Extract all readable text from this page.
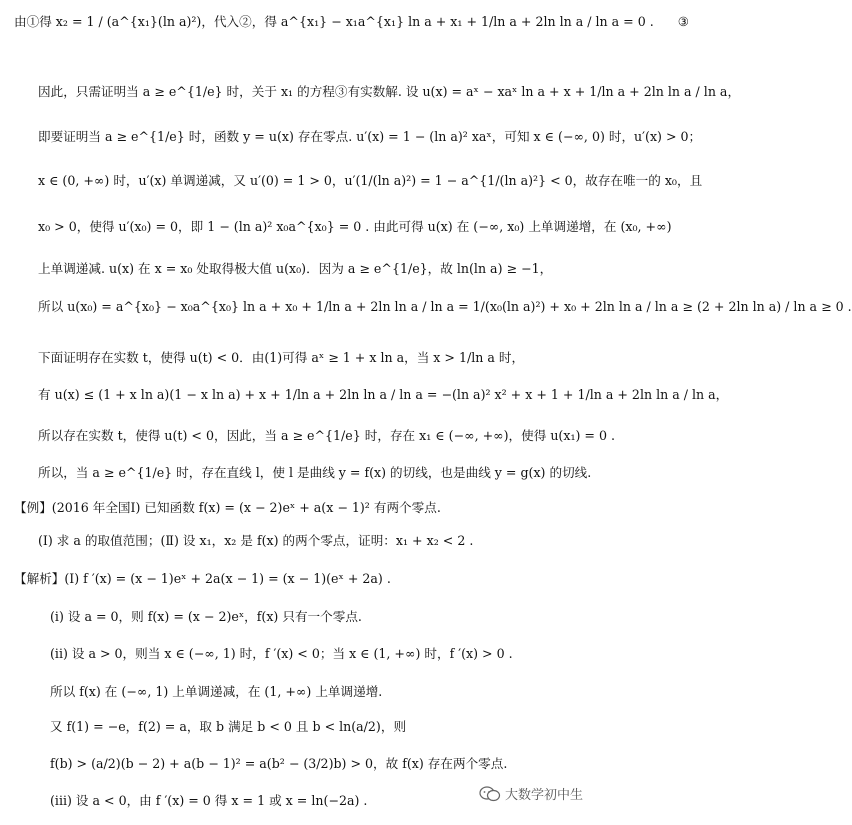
由①得 x₂ = 1 / (a^{x₁}(ln a)²)，代入②，得 a^{x₁} − x₁a^{x₁} ln a + x₁ + 1/ln a + 2ln ln a / ln a = 0 . ③
因此，只需证明当 a ≥ e^{1/e} 时，关于 x₁ 的方程③有实数解. 设 u(x) = aˣ − xaˣ ln a + x + 1/ln a + 2ln ln a / ln a，
即要证明当 a ≥ e^{1/e} 时，函数 y = u(x) 存在零点. u′(x) = 1 − (ln a)² xaˣ，可知 x ∈ (−∞, 0) 时，u′(x) > 0；
x ∈ (0, +∞) 时，u′(x) 单调递减，又 u′(0) = 1 > 0，u′(1/(ln a)²) = 1 − a^{1/(ln a)²} < 0，故存在唯一的 x₀，且
x₀ > 0，使得 u′(x₀) = 0，即 1 − (ln a)² x₀a^{x₀} = 0 . 由此可得 u(x) 在 (−∞, x₀) 上单调递增，在 (x₀, +∞)
上单调递减. u(x) 在 x = x₀ 处取得极大值 u(x₀)．因为 a ≥ e^{1/e}，故 ln(ln a) ≥ −1，
所以 u(x₀) = a^{x₀} − x₀a^{x₀} ln a + x₀ + 1/ln a + 2ln ln a / ln a = 1/(x₀(ln a)²) + x₀ + 2ln ln a / ln a ≥ (2 + 2ln ln a) / ln a ≥ 0 .
下面证明存在实数 t，使得 u(t) < 0．由(1)可得 aˣ ≥ 1 + x ln a，当 x > 1/ln a 时，
有 u(x) ≤ (1 + x ln a)(1 − x ln a) + x + 1/ln a + 2ln ln a / ln a = −(ln a)² x² + x + 1 + 1/ln a + 2ln ln a / ln a，
所以存在实数 t，使得 u(t) < 0，因此，当 a ≥ e^{1/e} 时，存在 x₁ ∈ (−∞, +∞)，使得 u(x₁) = 0 .
所以，当 a ≥ e^{1/e} 时，存在直线 l，使 l 是曲线 y = f(x) 的切线，也是曲线 y = g(x) 的切线.
【例】(2016 年全国Ⅰ) 已知函数 f(x) = (x − 2)eˣ + a(x − 1)² 有两个零点.
(Ⅰ) 求 a 的取值范围；(Ⅱ) 设 x₁，x₂ 是 f(x) 的两个零点，证明：x₁ + x₂ < 2 .
【解析】(Ⅰ) f ′(x) = (x − 1)eˣ + 2a(x − 1) = (x − 1)(eˣ + 2a) .
(i) 设 a = 0，则 f(x) = (x − 2)eˣ，f(x) 只有一个零点.
(ii) 设 a > 0，则当 x ∈ (−∞, 1) 时，f ′(x) < 0；当 x ∈ (1, +∞) 时，f ′(x) > 0 .
所以 f(x) 在 (−∞, 1) 上单调递减，在 (1, +∞) 上单调递增.
又 f(1) = −e，f(2) = a，取 b 满足 b < 0 且 b < ln(a/2)，则
f(b) > (a/2)(b − 2) + a(b − 1)² = a(b² − (3/2)b) > 0，故 f(x) 存在两个零点.
(iii) 设 a < 0，由 f ′(x) = 0 得 x = 1 或 x = ln(−2a) .	大数学初中生
